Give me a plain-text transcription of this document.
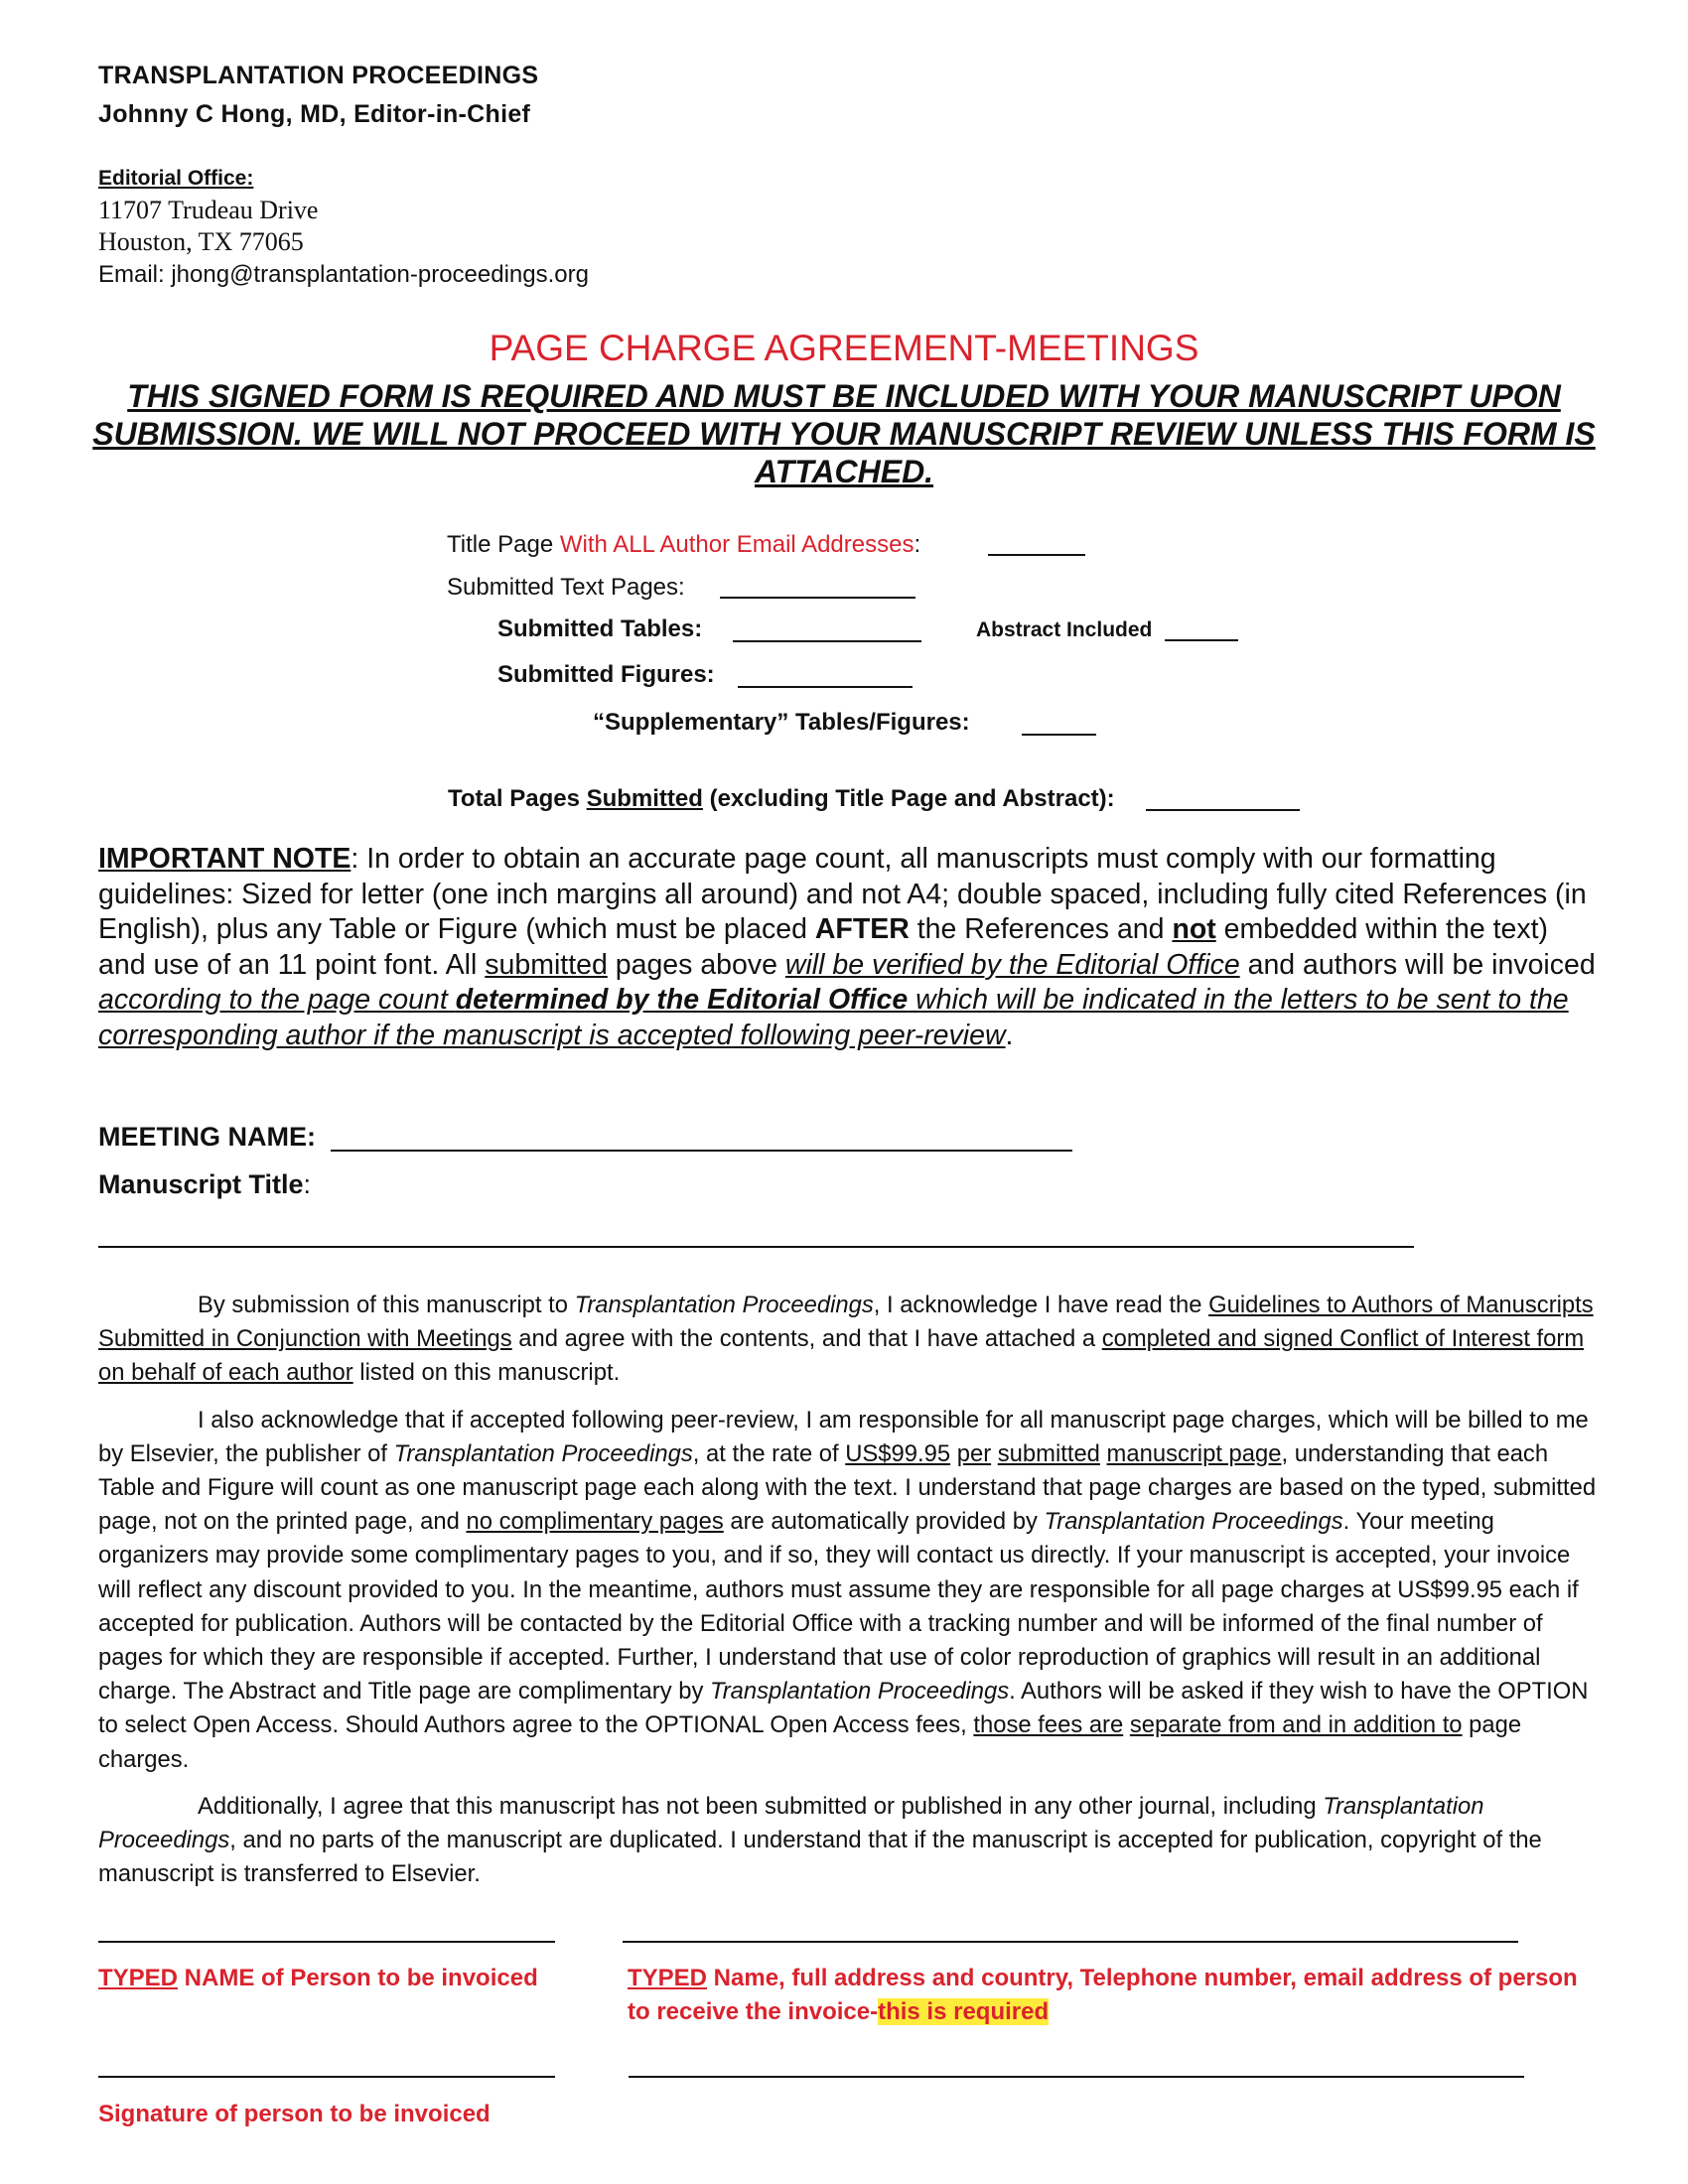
TRANSPLANTATION PROCEEDINGS
Johnny C Hong, MD, Editor-in-Chief
Editorial Office:
11707 Trudeau Drive
Houston, TX 77065
Email: jhong@transplantation-proceedings.org
PAGE CHARGE AGREEMENT-MEETINGS
THIS SIGNED FORM IS REQUIRED AND MUST BE INCLUDED WITH YOUR MANUSCRIPT UPON SUBMISSION. WE WILL NOT PROCEED WITH YOUR MANUSCRIPT REVIEW UNLESS THIS FORM IS ATTACHED.
Title Page With ALL Author Email Addresses:
Submitted Text Pages:
Submitted Tables:	Abstract Included
Submitted Figures:
“Supplementary” Tables/Figures:
Total Pages Submitted (excluding Title Page and Abstract):
IMPORTANT NOTE: In order to obtain an accurate page count, all manuscripts must comply with our formatting guidelines: Sized for letter (one inch margins all around) and not A4; double spaced, including fully cited References (in English), plus any Table or Figure (which must be placed AFTER the References and not embedded within the text) and use of an 11 point font. All submitted pages above will be verified by the Editorial Office and authors will be invoiced according to the page count determined by the Editorial Office which will be indicated in the letters to be sent to the corresponding author if the manuscript is accepted following peer-review.
MEETING NAME:
Manuscript Title:

By submission of this manuscript to Transplantation Proceedings, I acknowledge I have read the Guidelines to Authors of Manuscripts Submitted in Conjunction with Meetings and agree with the contents, and that I have attached a completed and signed Conflict of Interest form on behalf of each author listed on this manuscript.

I also acknowledge that if accepted following peer-review, I am responsible for all manuscript page charges, which will be billed to me by Elsevier, the publisher of Transplantation Proceedings, at the rate of US$99.95 per submitted manuscript page, understanding that each Table and Figure will count as one manuscript page each along with the text. I understand that page charges are based on the typed, submitted page, not on the printed page, and no complimentary pages are automatically provided by Transplantation Proceedings. Your meeting organizers may provide some complimentary pages to you, and if so, they will contact us directly. If your manuscript is accepted, your invoice will reflect any discount provided to you. In the meantime, authors must assume they are responsible for all page charges at US$99.95 each if accepted for publication. Authors will be contacted by the Editorial Office with a tracking number and will be informed of the final number of pages for which they are responsible if accepted. Further, I understand that use of color reproduction of graphics will result in an additional charge. The Abstract and Title page are complimentary by Transplantation Proceedings. Authors will be asked if they wish to have the OPTION to select Open Access. Should Authors agree to the OPTIONAL Open Access fees, those fees are separate from and in addition to page charges.

Additionally, I agree that this manuscript has not been submitted or published in any other journal, including Transplantation Proceedings, and no parts of the manuscript are duplicated. I understand that if the manuscript is accepted for publication, copyright of the manuscript is transferred to Elsevier.

TYPED NAME of Person to be invoiced	TYPED Name, full address and country, Telephone number, email address of person to receive the invoice-this is required
Signature of person to be invoiced
